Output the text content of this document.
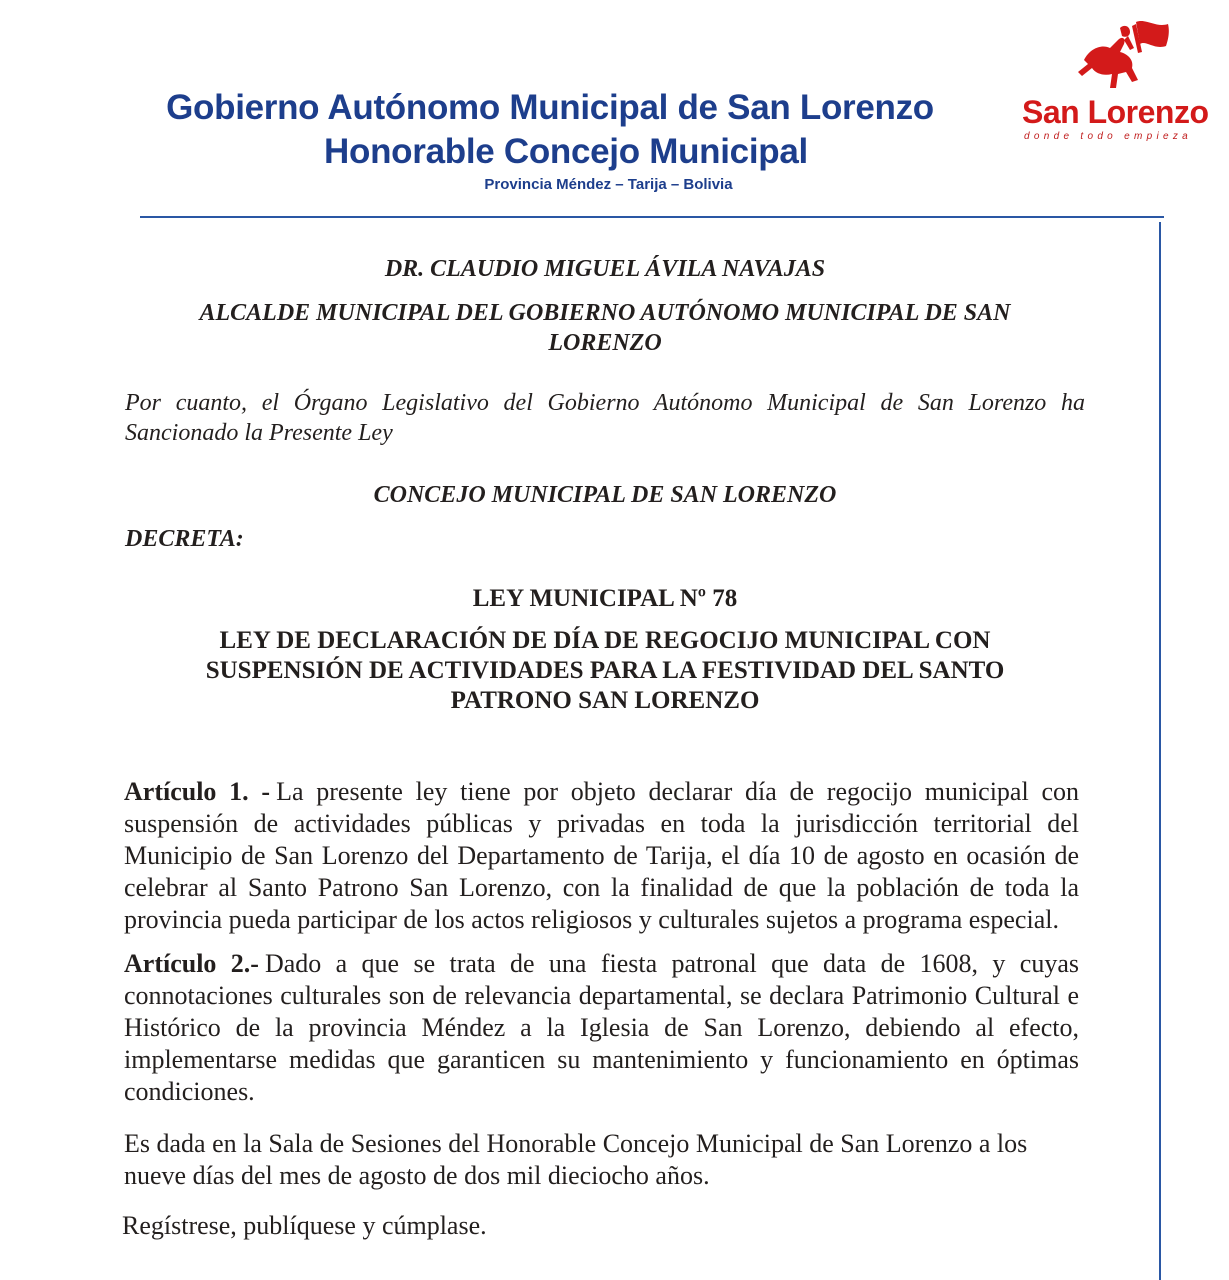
Gobierno Autónomo Municipal de San Lorenzo
Honorable Concejo Municipal
Provincia Méndez – Tarija – Bolivia
San Lorenzo
donde todo empieza
DR. CLAUDIO MIGUEL ÁVILA NAVAJAS
ALCALDE MUNICIPAL DEL GOBIERNO AUTÓNOMO MUNICIPAL DE SAN LORENZO
Por cuanto, el Órgano Legislativo del Gobierno Autónomo Municipal de San Lorenzo ha Sancionado la Presente Ley
CONCEJO MUNICIPAL DE SAN LORENZO
DECRETA:
LEY MUNICIPAL Nº 78
LEY DE DECLARACIÓN DE DÍA DE REGOCIJO MUNICIPAL CON SUSPENSIÓN DE ACTIVIDADES PARA LA FESTIVIDAD DEL SANTO PATRONO SAN LORENZO
Artículo 1. - La presente ley tiene por objeto declarar día de regocijo municipal con suspensión de actividades públicas y privadas en toda la jurisdicción territorial del Municipio de San Lorenzo del Departamento de Tarija, el día 10 de agosto en ocasión de celebrar al Santo Patrono San Lorenzo, con la finalidad de que la población de toda la provincia pueda participar de los actos religiosos y culturales sujetos a programa especial.
Artículo 2.- Dado a que se trata de una fiesta patronal que data de 1608, y cuyas connotaciones culturales son de relevancia departamental, se declara Patrimonio Cultural e Histórico de la provincia Méndez a la Iglesia de San Lorenzo, debiendo al efecto, implementarse medidas que garanticen su mantenimiento y funcionamiento en óptimas condiciones.
Es dada en la Sala de Sesiones del Honorable Concejo Municipal de San Lorenzo a los nueve días del mes de agosto de dos mil dieciocho años.
Regístrese, publíquese y cúmplase.
